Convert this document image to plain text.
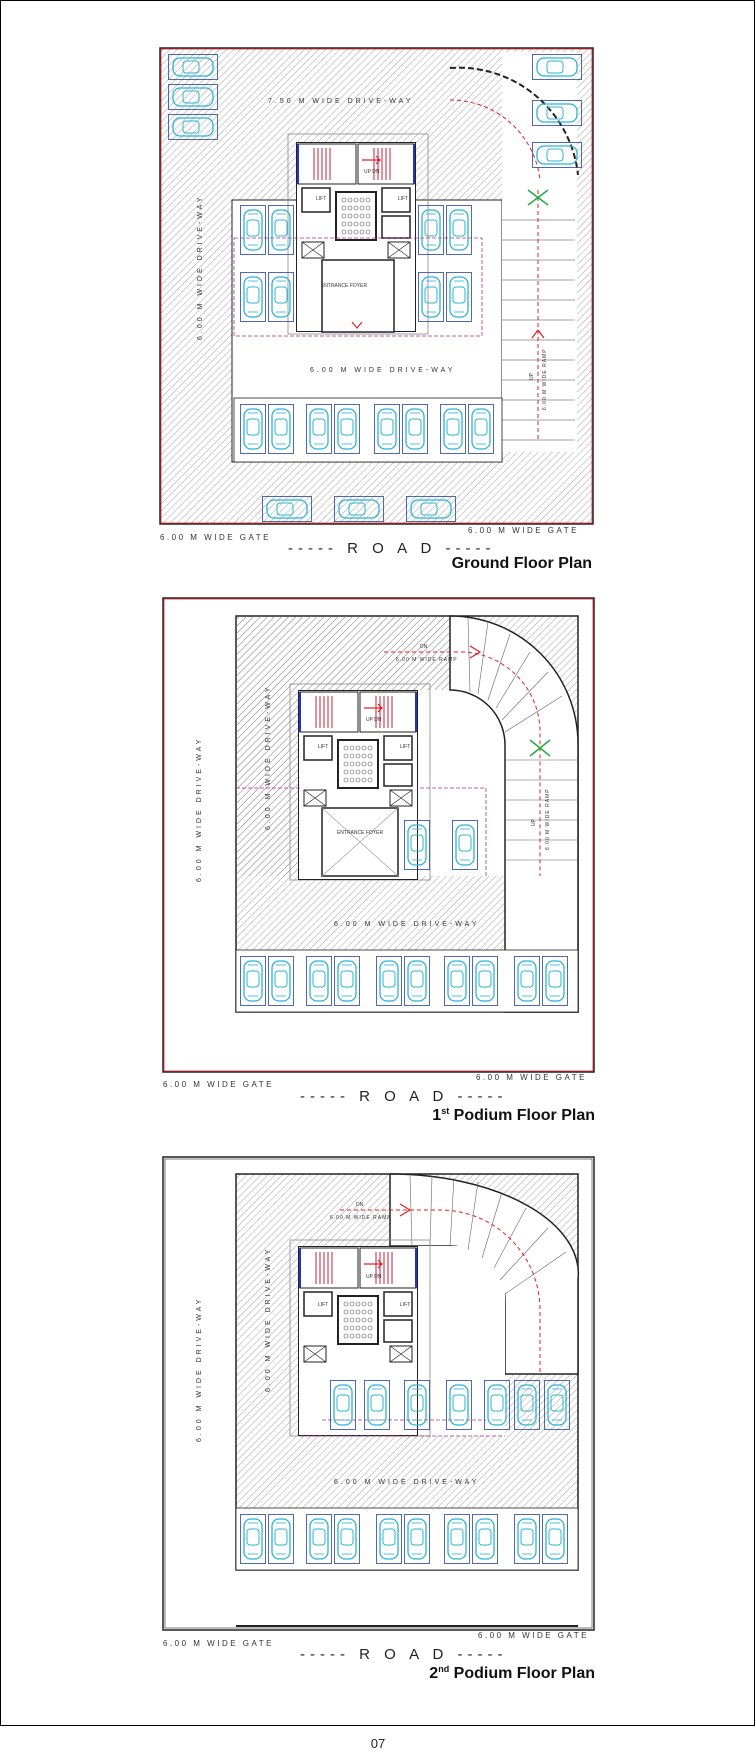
7.50 M WIDE DRIVE-WAY
6.00 M WIDE DRIVE-WAY
6.00 M WIDE DRIVE-WAY
6.00 M WIDE RAMP
UP
ENTRANCE FOYER
LIFT	LIFT
UP DN
6.00 M WIDE GATE
6.00 M WIDE GATE
----- R O A D -----
Ground Floor Plan
6.00 M WIDE DRIVE-WAY
6.00 M WIDE DRIVE-WAY
6.00 M WIDE DRIVE-WAY
6.00 M WIDE RAMP
DN
6.00 M WIDE RAMP
UP
ENTRANCE FOYER
LIFT	LIFT
UP DN
6.00 M WIDE GATE
6.00 M WIDE GATE
----- R O A D -----
1st Podium Floor Plan
6.00 M WIDE DRIVE-WAY
6.00 M WIDE DRIVE-WAY
6.00 M WIDE DRIVE-WAY
6.00 M WIDE RAMP
DN
LIFT	LIFT
UP DN
6.00 M WIDE GATE
6.00 M WIDE GATE
----- R O A D -----
2nd Podium Floor Plan
07
